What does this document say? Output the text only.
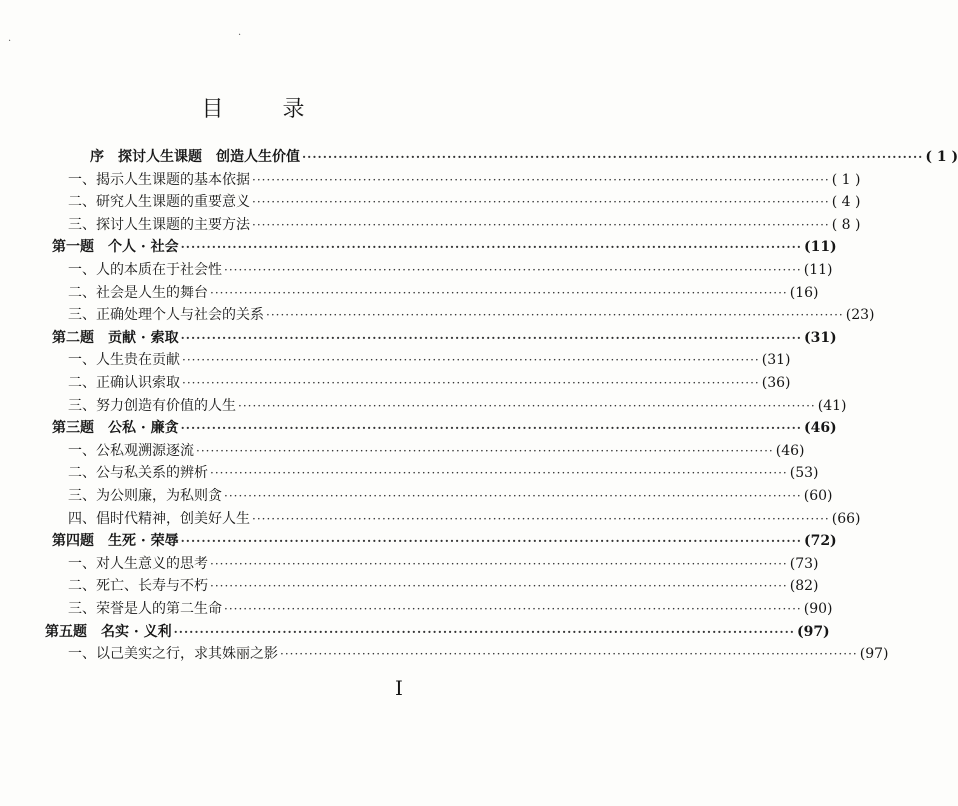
·
·
目 录
序　探讨人生课题　创造人生价值 ························································································································ ( 1 )
一、揭示人生课题的基本依据 ························································································································ ( 1 )
二、研究人生课题的重要意义 ························································································································ ( 4 )
三、探讨人生课题的主要方法 ························································································································ ( 8 )
第一题　个人 · 社会 ························································································································ (11)
一、人的本质在于社会性 ························································································································ (11)
二、社会是人生的舞台 ························································································································ (16)
三、正确处理个人与社会的关系 ························································································································ (23)
第二题　贡献 · 索取 ························································································································ (31)
一、人生贵在贡献 ························································································································ (31)
二、正确认识索取 ························································································································ (36)
三、努力创造有价值的人生 ························································································································ (41)
第三题　公私 · 廉贪 ························································································································ (46)
一、公私观溯源逐流 ························································································································ (46)
二、公与私关系的辨析 ························································································································ (53)
三、为公则廉，为私则贪 ························································································································ (60)
四、倡时代精神，创美好人生 ························································································································ (66)
第四题　生死 · 荣辱 ························································································································ (72)
一、对人生意义的思考 ························································································································ (73)
二、死亡、长寿与不朽 ························································································································ (82)
三、荣誉是人的第二生命 ························································································································ (90)
第五题　名实 · 义利 ························································································································ (97)
一、以己美实之行，求其姝丽之影 ························································································································ (97)
I
